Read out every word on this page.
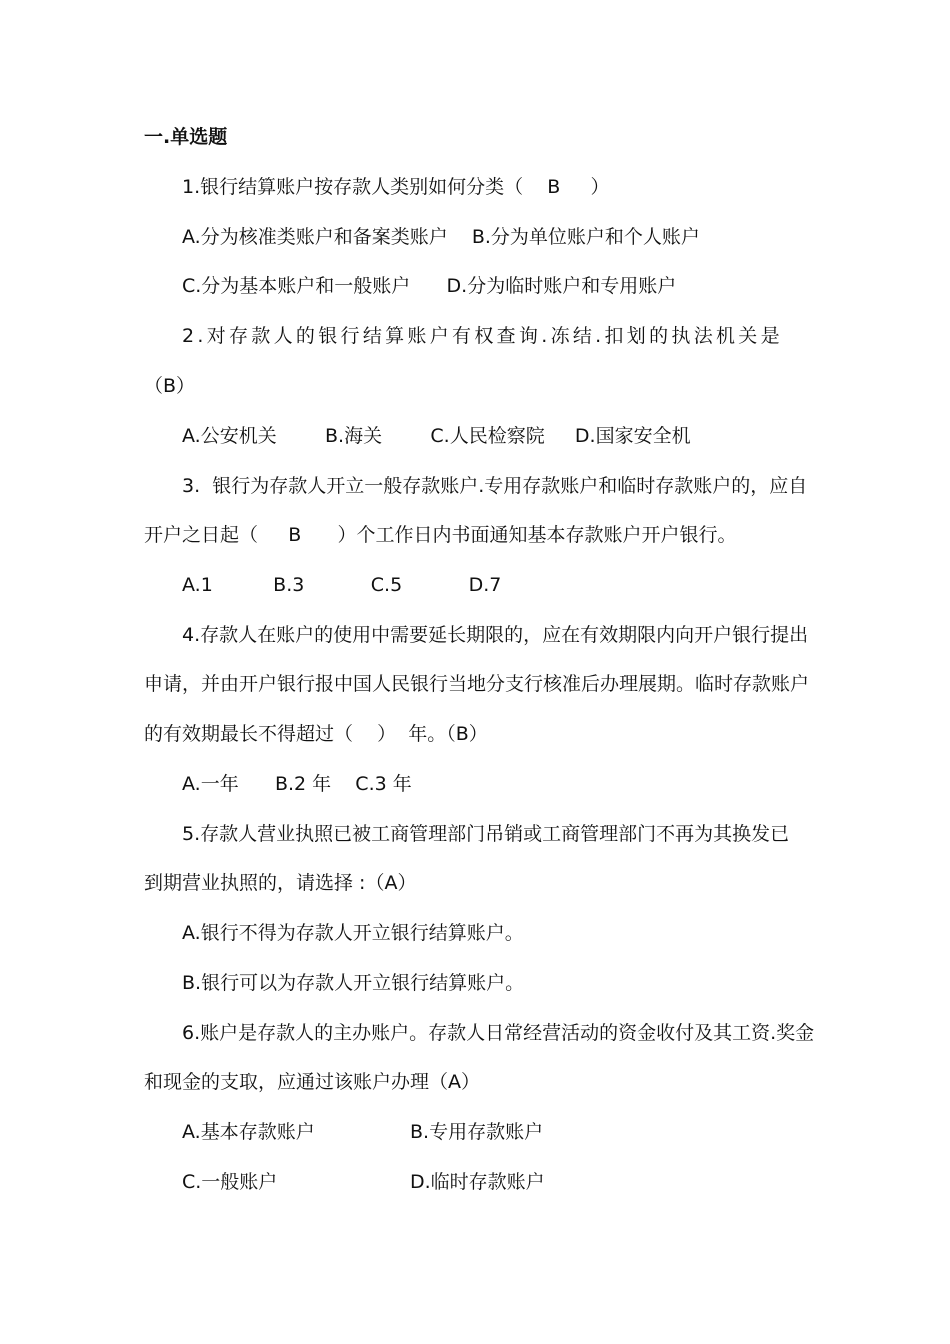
一.单选题
1.银行结算账户按存款人类别如何分类（    B     ）
A.分为核准类账户和备案类账户    B.分为单位账户和个人账户
C.分为基本账户和一般账户      D.分为临时账户和专用账户
2.对存款人的银行结算账户有权查询.冻结.扣划的执法机关是
（B）
A.公安机关        B.海关        C.人民检察院     D.国家安全机
3.  银行为存款人开立一般存款账户.专用存款账户和临时存款账户的，应自
开户之日起（     B      ）个工作日内书面通知基本存款账户开户银行。
A.1          B.3           C.5           D.7
4.存款人在账户的使用中需要延长期限的，应在有效期限内向开户银行提出
申请，并由开户银行报中国人民银行当地分支行核准后办理展期。临时存款账户
的有效期最长不得超过（    ）  年。（B）
A.一年      B.2 年    C.3 年
5.存款人营业执照已被工商管理部门吊销或工商管理部门不再为其换发已
到期营业执照的，请选择 :（A）
A.银行不得为存款人开立银行结算账户。
B.银行可以为存款人开立银行结算账户。
6.账户是存款人的主办账户。存款人日常经营活动的资金收付及其工资.奖金
和现金的支取，应通过该账户办理（A）
A.基本存款账户	B.专用存款账户
C.一般账户	D.临时存款账户
